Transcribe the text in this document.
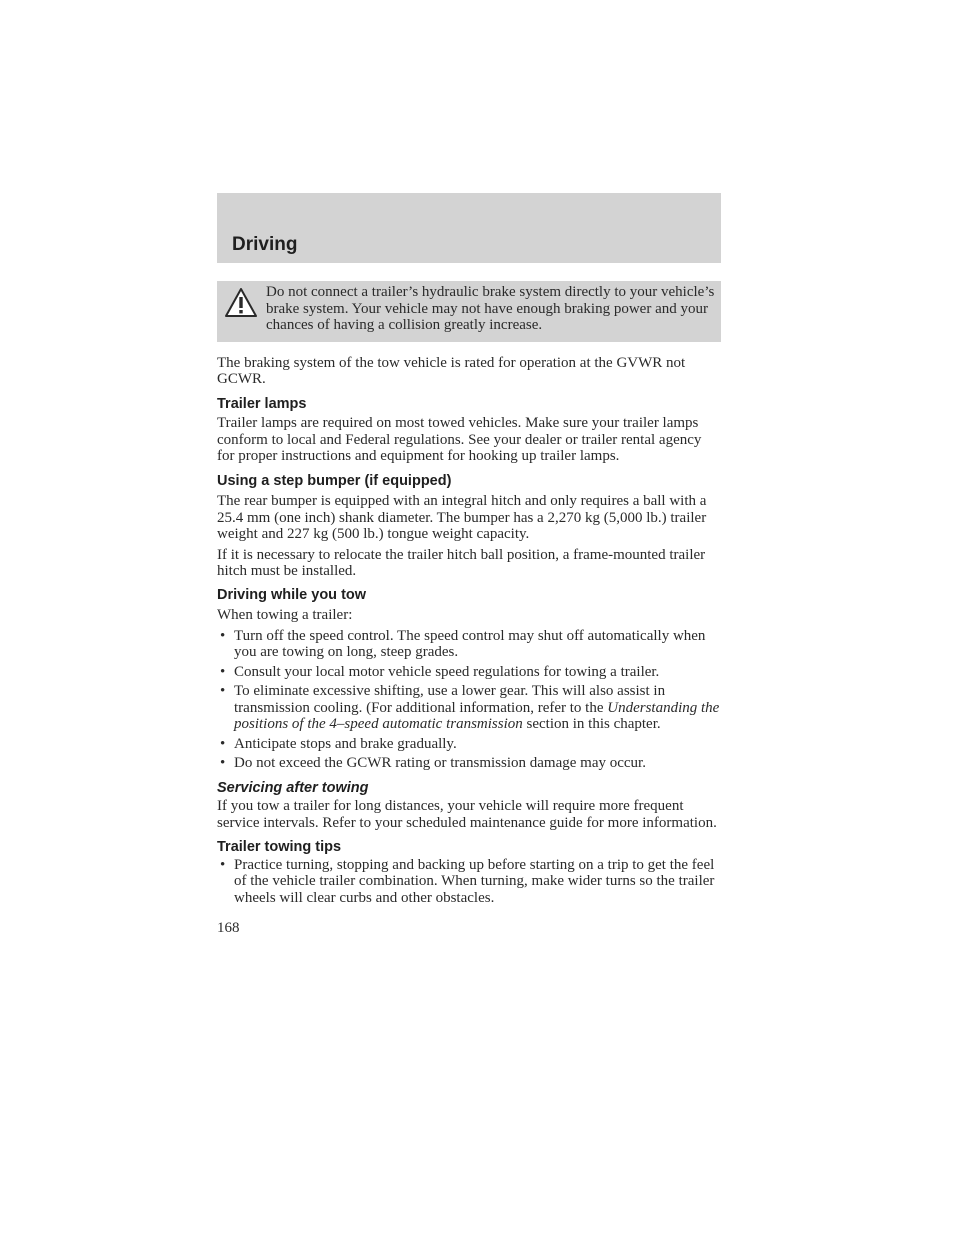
Driving
Do not connect a trailer’s hydraulic brake system directly to your vehicle’s brake system. Your vehicle may not have enough braking power and your chances of having a collision greatly increase.

The braking system of the tow vehicle is rated for operation at the GVWR not GCWR.

Trailer lamps

Trailer lamps are required on most towed vehicles. Make sure your trailer lamps conform to local and Federal regulations. See your dealer or trailer rental agency for proper instructions and equipment for hooking up trailer lamps.

Using a step bumper (if equipped)

The rear bumper is equipped with an integral hitch and only requires a ball with a 25.4 mm (one inch) shank diameter. The bumper has a 2,270 kg (5,000 lb.) trailer weight and 227 kg (500 lb.) tongue weight capacity.

If it is necessary to relocate the trailer hitch ball position, a frame-mounted trailer hitch must be installed.

Driving while you tow

When towing a trailer:

• Turn off the speed control. The speed control may shut off automatically when you are towing on long, steep grades.
• Consult your local motor vehicle speed regulations for towing a trailer.
• To eliminate excessive shifting, use a lower gear. This will also assist in transmission cooling. (For additional information, refer to the Understanding the positions of the 4–speed automatic transmission section in this chapter.
• Anticipate stops and brake gradually.
• Do not exceed the GCWR rating or transmission damage may occur.
Servicing after towing

If you tow a trailer for long distances, your vehicle will require more frequent service intervals. Refer to your scheduled maintenance guide for more information.

Trailer towing tips
• Practice turning, stopping and backing up before starting on a trip to get the feel of the vehicle trailer combination. When turning, make wider turns so the trailer wheels will clear curbs and other obstacles.
168
